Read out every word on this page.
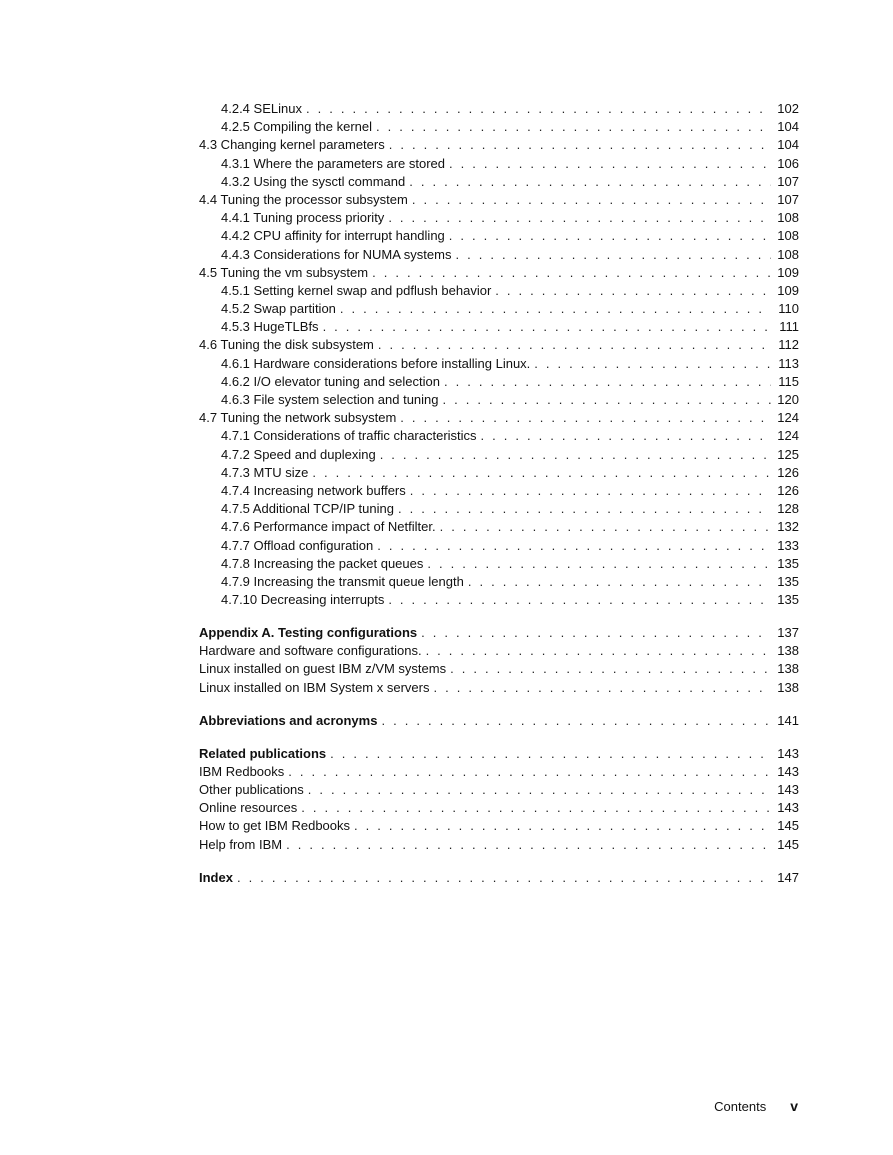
4.2.4 SELinux . . .	102
4.2.5 Compiling the kernel . . .	104
4.3 Changing kernel parameters . . .	104
4.3.1 Where the parameters are stored . . .	106
4.3.2 Using the sysctl command . . .	107
4.4 Tuning the processor subsystem . . .	107
4.4.1 Tuning process priority . . .	108
4.4.2 CPU affinity for interrupt handling . . .	108
4.4.3 Considerations for NUMA systems . . .	108
4.5 Tuning the vm subsystem . . .	109
4.5.1 Setting kernel swap and pdflush behavior . . .	109
4.5.2 Swap partition . . .	110
4.5.3 HugeTLBfs . . .	111
4.6 Tuning the disk subsystem . . .	112
4.6.1 Hardware considerations before installing Linux. . . .	113
4.6.2 I/O elevator tuning and selection . . .	115
4.6.3 File system selection and tuning . . .	120
4.7 Tuning the network subsystem . . .	124
4.7.1 Considerations of traffic characteristics . . .	124
4.7.2 Speed and duplexing . . .	125
4.7.3 MTU size . . .	126
4.7.4 Increasing network buffers . . .	126
4.7.5 Additional TCP/IP tuning . . .	128
4.7.6 Performance impact of Netfilter. . . .	132
4.7.7 Offload configuration . . .	133
4.7.8 Increasing the packet queues . . .	135
4.7.9 Increasing the transmit queue length . . .	135
4.7.10 Decreasing interrupts . . .	135
Appendix A. Testing configurations . . .	137
Hardware and software configurations. . . .	138
Linux installed on guest IBM z/VM systems . . .	138
Linux installed on IBM System x servers . . .	138
Abbreviations and acronyms . . .	141
Related publications . . .	143
IBM Redbooks . . .	143
Other publications . . .	143
Online resources . . .	143
How to get IBM Redbooks . . .	145
Help from IBM . . .	145
Index . . .	147
Contents v
